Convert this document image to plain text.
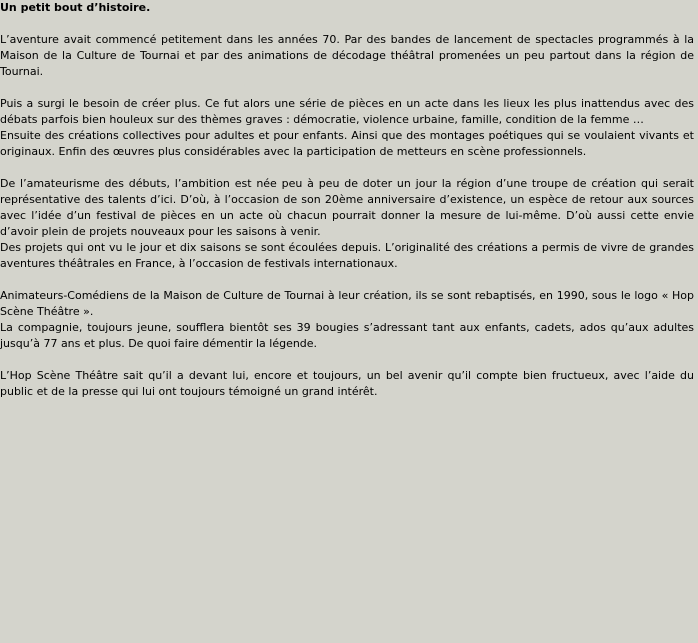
Un petit bout d’histoire.

L’aventure avait commencé petitement dans les années 70. Par des bandes de lancement de spectacles programmés à la Maison de la Culture de Tournai et par des animations de décodage théâtral promenées un peu partout dans la région de Tournai.

Puis a surgi le besoin de créer plus. Ce fut alors une série de pièces en un acte dans les lieux les plus inattendus avec des débats parfois bien houleux sur des thèmes graves : démocratie, violence urbaine, famille, condition de la femme …
Ensuite des créations collectives pour adultes et pour enfants. Ainsi que des montages poétiques qui se voulaient vivants et originaux. Enfin des œuvres plus considérables avec la participation de metteurs en scène professionnels.

De l’amateurisme des débuts, l’ambition est née peu à peu de doter un jour la région d’une troupe de création qui serait représentative des talents d’ici. D’où, à l’occasion de son 20ème anniversaire d’existence, un espèce de retour aux sources avec l’idée d’un festival de pièces en un acte où chacun pourrait donner la mesure de lui-même. D’où aussi cette envie d’avoir plein de projets nouveaux pour les saisons à venir.
Des projets qui ont vu le jour et dix saisons se sont écoulées depuis. L’originalité des créations a permis de vivre de grandes aventures théâtrales en France, à l’occasion de festivals internationaux.

Animateurs-Comédiens de la Maison de Culture de Tournai à leur création, ils se sont rebaptisés, en 1990, sous le logo « Hop Scène Théâtre ».
La compagnie, toujours jeune, soufflera bientôt ses 39 bougies s’adressant tant aux enfants, cadets, ados qu’aux adultes jusqu’à 77 ans et plus. De quoi faire démentir la légende.

L’Hop Scène Théâtre sait qu’il a devant lui, encore et toujours, un bel avenir qu’il compte bien fructueux, avec l’aide du public et de la presse qui lui ont toujours témoigné un grand intérêt.
